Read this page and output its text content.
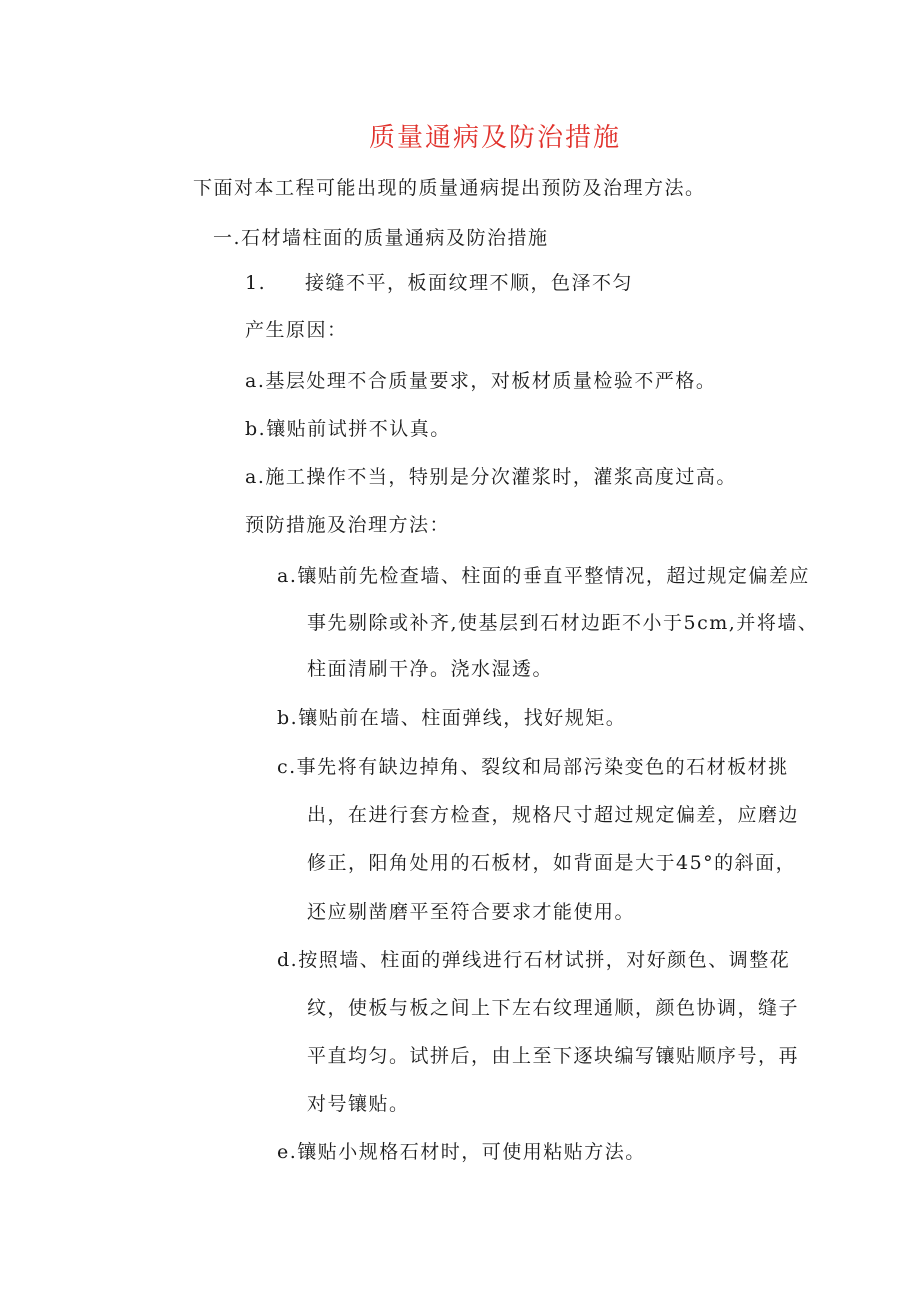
质量通病及防治措施
下面对本工程可能出现的质量通病提出预防及治理方法。
一.石材墙柱面的质量通病及防治措施
1. 接缝不平，板面纹理不顺，色泽不匀
产生原因：
a.基层处理不合质量要求，对板材质量检验不严格。
b.镶贴前试拼不认真。
a.施工操作不当，特别是分次灌浆时，灌浆高度过高。
预防措施及治理方法：
a.镶贴前先检查墙、柱面的垂直平整情况，超过规定偏差应
事先剔除或补齐,使基层到石材边距不小于5cm,并将墙、
柱面清刷干净。浇水湿透。
b.镶贴前在墙、柱面弹线，找好规矩。
c.事先将有缺边掉角、裂纹和局部污染变色的石材板材挑
出，在进行套方检查，规格尺寸超过规定偏差，应磨边
修正，阳角处用的石板材，如背面是大于45°的斜面，
还应剔凿磨平至符合要求才能使用。
d.按照墙、柱面的弹线进行石材试拼，对好颜色、调整花
纹，使板与板之间上下左右纹理通顺，颜色协调，缝子
平直均匀。试拼后，由上至下逐块编写镶贴顺序号，再
对号镶贴。
e.镶贴小规格石材时，可使用粘贴方法。
